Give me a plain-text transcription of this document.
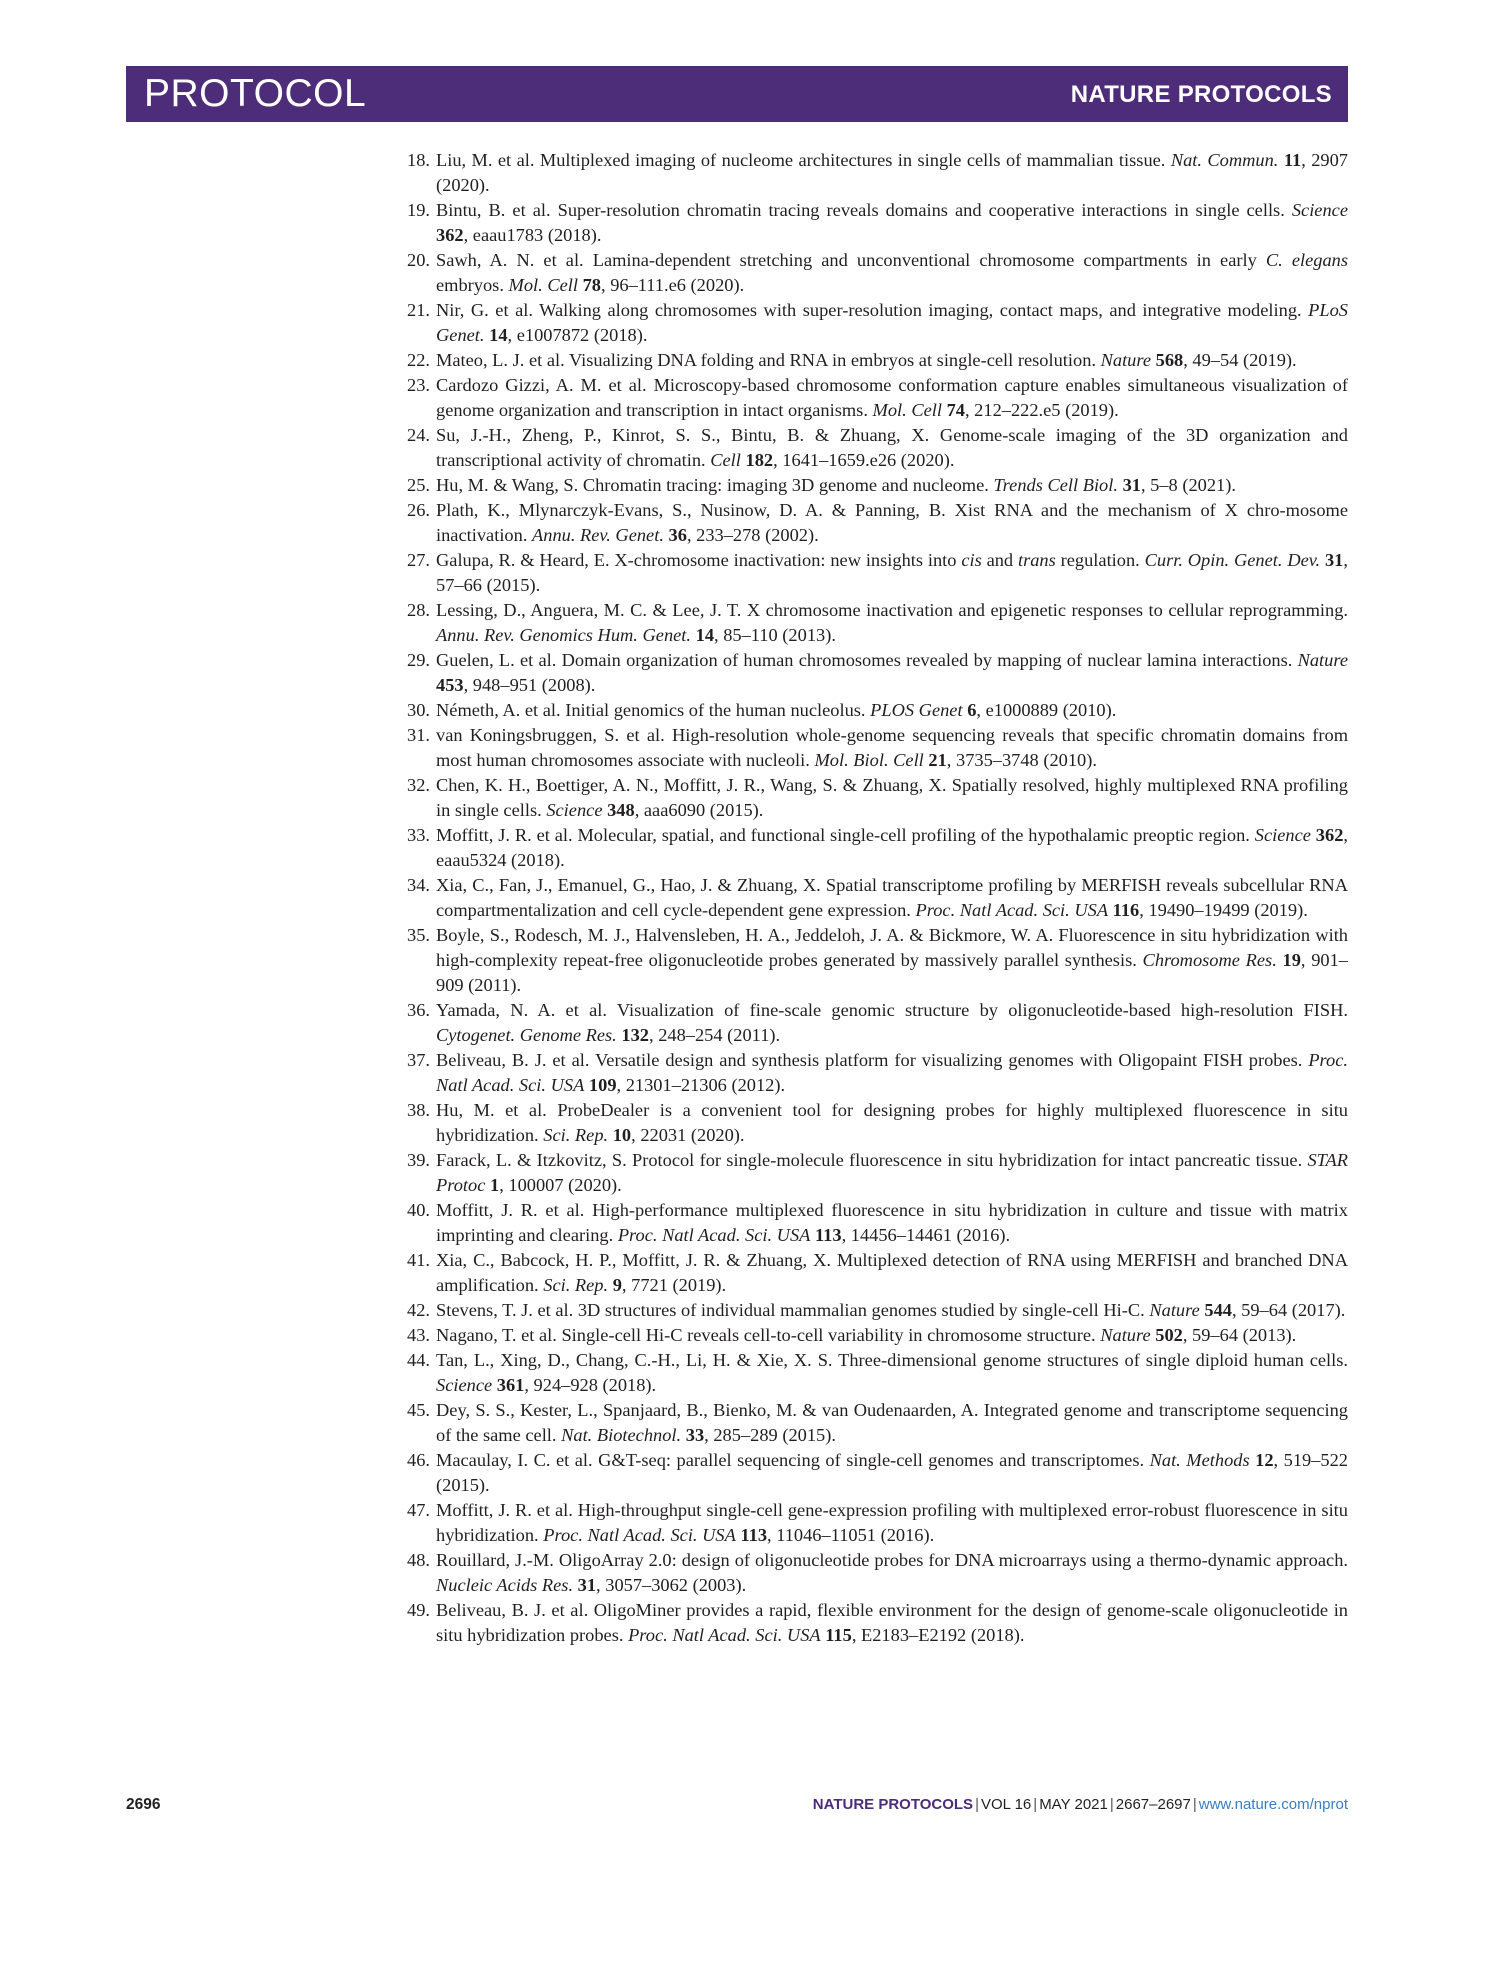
PROTOCOL	NATURE PROTOCOLS
18. Liu, M. et al. Multiplexed imaging of nucleome architectures in single cells of mammalian tissue. Nat. Commun. 11, 2907 (2020).
19. Bintu, B. et al. Super-resolution chromatin tracing reveals domains and cooperative interactions in single cells. Science 362, eaau1783 (2018).
20. Sawh, A. N. et al. Lamina-dependent stretching and unconventional chromosome compartments in early C. elegans embryos. Mol. Cell 78, 96–111.e6 (2020).
21. Nir, G. et al. Walking along chromosomes with super-resolution imaging, contact maps, and integrative modeling. PLoS Genet. 14, e1007872 (2018).
22. Mateo, L. J. et al. Visualizing DNA folding and RNA in embryos at single-cell resolution. Nature 568, 49–54 (2019).
23. Cardozo Gizzi, A. M. et al. Microscopy-based chromosome conformation capture enables simultaneous visualization of genome organization and transcription in intact organisms. Mol. Cell 74, 212–222.e5 (2019).
24. Su, J.-H., Zheng, P., Kinrot, S. S., Bintu, B. & Zhuang, X. Genome-scale imaging of the 3D organization and transcriptional activity of chromatin. Cell 182, 1641–1659.e26 (2020).
25. Hu, M. & Wang, S. Chromatin tracing: imaging 3D genome and nucleome. Trends Cell Biol. 31, 5–8 (2021).
26. Plath, K., Mlynarczyk-Evans, S., Nusinow, D. A. & Panning, B. Xist RNA and the mechanism of X chro-mosome inactivation. Annu. Rev. Genet. 36, 233–278 (2002).
27. Galupa, R. & Heard, E. X-chromosome inactivation: new insights into cis and trans regulation. Curr. Opin. Genet. Dev. 31, 57–66 (2015).
28. Lessing, D., Anguera, M. C. & Lee, J. T. X chromosome inactivation and epigenetic responses to cellular reprogramming. Annu. Rev. Genomics Hum. Genet. 14, 85–110 (2013).
29. Guelen, L. et al. Domain organization of human chromosomes revealed by mapping of nuclear lamina interactions. Nature 453, 948–951 (2008).
30. Németh, A. et al. Initial genomics of the human nucleolus. PLOS Genet 6, e1000889 (2010).
31. van Koningsbruggen, S. et al. High-resolution whole-genome sequencing reveals that specific chromatin domains from most human chromosomes associate with nucleoli. Mol. Biol. Cell 21, 3735–3748 (2010).
32. Chen, K. H., Boettiger, A. N., Moffitt, J. R., Wang, S. & Zhuang, X. Spatially resolved, highly multiplexed RNA profiling in single cells. Science 348, aaa6090 (2015).
33. Moffitt, J. R. et al. Molecular, spatial, and functional single-cell profiling of the hypothalamic preoptic region. Science 362, eaau5324 (2018).
34. Xia, C., Fan, J., Emanuel, G., Hao, J. & Zhuang, X. Spatial transcriptome profiling by MERFISH reveals subcellular RNA compartmentalization and cell cycle-dependent gene expression. Proc. Natl Acad. Sci. USA 116, 19490–19499 (2019).
35. Boyle, S., Rodesch, M. J., Halvensleben, H. A., Jeddeloh, J. A. & Bickmore, W. A. Fluorescence in situ hybridization with high-complexity repeat-free oligonucleotide probes generated by massively parallel synthesis. Chromosome Res. 19, 901–909 (2011).
36. Yamada, N. A. et al. Visualization of fine-scale genomic structure by oligonucleotide-based high-resolution FISH. Cytogenet. Genome Res. 132, 248–254 (2011).
37. Beliveau, B. J. et al. Versatile design and synthesis platform for visualizing genomes with Oligopaint FISH probes. Proc. Natl Acad. Sci. USA 109, 21301–21306 (2012).
38. Hu, M. et al. ProbeDealer is a convenient tool for designing probes for highly multiplexed fluorescence in situ hybridization. Sci. Rep. 10, 22031 (2020).
39. Farack, L. & Itzkovitz, S. Protocol for single-molecule fluorescence in situ hybridization for intact pancreatic tissue. STAR Protoc 1, 100007 (2020).
40. Moffitt, J. R. et al. High-performance multiplexed fluorescence in situ hybridization in culture and tissue with matrix imprinting and clearing. Proc. Natl Acad. Sci. USA 113, 14456–14461 (2016).
41. Xia, C., Babcock, H. P., Moffitt, J. R. & Zhuang, X. Multiplexed detection of RNA using MERFISH and branched DNA amplification. Sci. Rep. 9, 7721 (2019).
42. Stevens, T. J. et al. 3D structures of individual mammalian genomes studied by single-cell Hi-C. Nature 544, 59–64 (2017).
43. Nagano, T. et al. Single-cell Hi-C reveals cell-to-cell variability in chromosome structure. Nature 502, 59–64 (2013).
44. Tan, L., Xing, D., Chang, C.-H., Li, H. & Xie, X. S. Three-dimensional genome structures of single diploid human cells. Science 361, 924–928 (2018).
45. Dey, S. S., Kester, L., Spanjaard, B., Bienko, M. & van Oudenaarden, A. Integrated genome and transcriptome sequencing of the same cell. Nat. Biotechnol. 33, 285–289 (2015).
46. Macaulay, I. C. et al. G&T-seq: parallel sequencing of single-cell genomes and transcriptomes. Nat. Methods 12, 519–522 (2015).
47. Moffitt, J. R. et al. High-throughput single-cell gene-expression profiling with multiplexed error-robust fluorescence in situ hybridization. Proc. Natl Acad. Sci. USA 113, 11046–11051 (2016).
48. Rouillard, J.-M. OligoArray 2.0: design of oligonucleotide probes for DNA microarrays using a thermo-dynamic approach. Nucleic Acids Res. 31, 3057–3062 (2003).
49. Beliveau, B. J. et al. OligoMiner provides a rapid, flexible environment for the design of genome-scale oligonucleotide in situ hybridization probes. Proc. Natl Acad. Sci. USA 115, E2183–E2192 (2018).
2696	NATURE PROTOCOLS | VOL 16 | MAY 2021 | 2667–2697 | www.nature.com/nprot
